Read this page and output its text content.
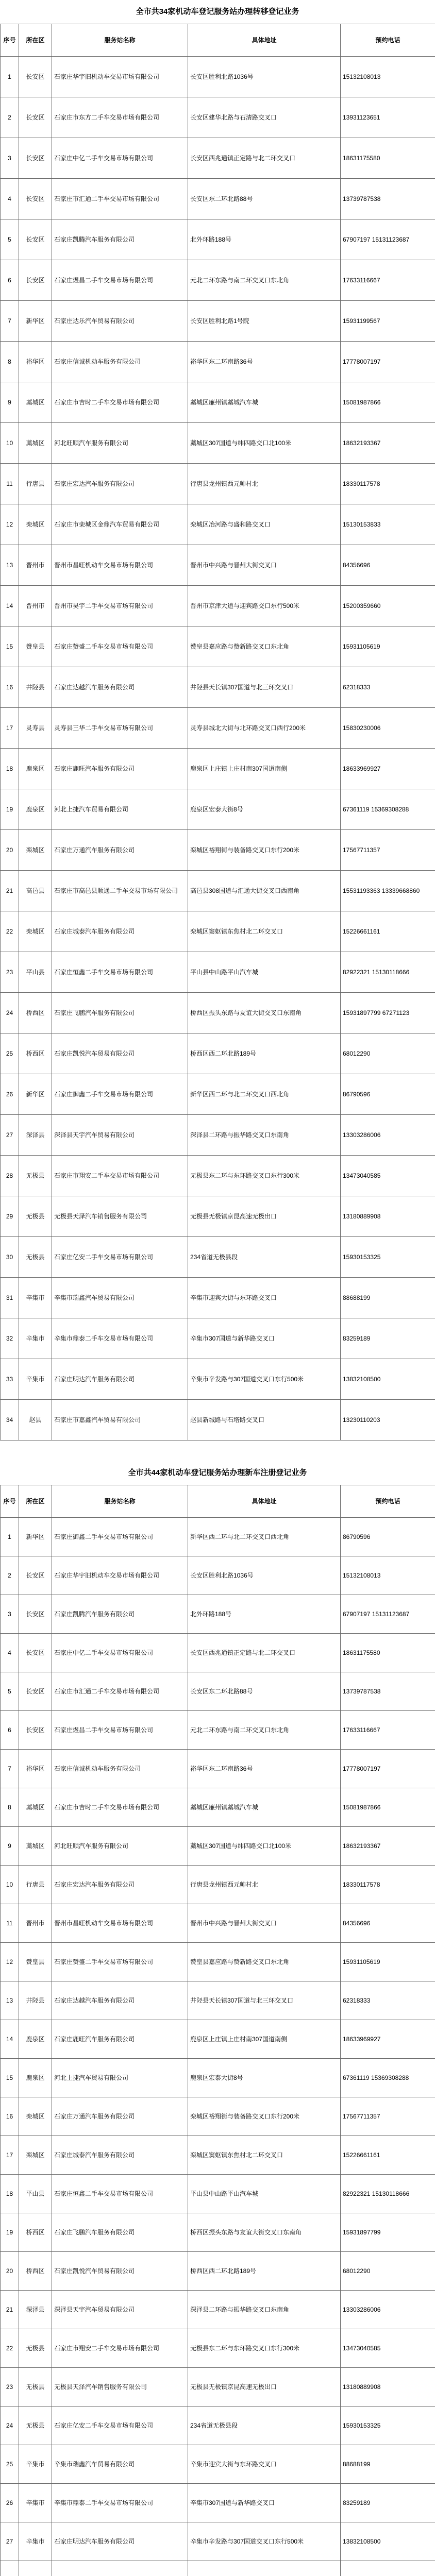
全市共34家机动车登记服务站办理转移登记业务
序号	所在区	服务站名称	具体地址	预约电话
1	长安区	石家庄华宇旧机动车交易市场有限公司	长安区胜利北路1036号	15132108013
2	长安区	石家庄市东方二手车交易市场有限公司	长安区建华北路与石清路交叉口	13931123651
3	长安区	石家庄中亿二手车交易市场有限公司	长安区西兆通镇正定路与北二环交叉口	18631175580
4	长安区	石家庄市汇通二手车交易市场有限公司	长安区东二环北路88号	13739787538
5	长安区	石家庄凯腾汽车服务有限公司	北外环路188号	67907197 15131123687
6	长安区	石家庄煜昌二手车交易市场有限公司	元北二环东路与南二环交叉口东北角	17633116667
7	新华区	石家庄达乐汽车贸易有限公司	长安区胜利北路1号院	15931199567
8	裕华区	石家庄信诚机动车服务有限公司	裕华区东二环南路36号	17778007197
9	藁城区	石家庄市吉时二手车交易市场有限公司	藁城区廉州镇藁城汽车城	15081987866
10	藁城区	河北旺顺汽车服务有限公司	藁城区307国道与纬四路交口北100米	18632193367
11	行唐县	石家庄宏达汽车服务有限公司	行唐县龙州镇西元帅村北	18330117578
12	栾城区	石家庄市栾城区金鼎汽车贸易有限公司	栾城区冶河路与盛和路交叉口	15130153833
13	晋州市	晋州市昌旺机动车交易市场有限公司	晋州市中兴路与晋州大街交叉口	84356696
14	晋州市	晋州市昊宇二手车交易市场有限公司	晋州市京津大道与迎宾路交口东行500米	15200359660
15	赞皇县	石家庄赞盛二手车交易市场有限公司	赞皇县嘉应路与赞新路交叉口东北角	15931105619
16	井陉县	石家庄达越汽车服务有限公司	井陉县天长镇307国道与北三环交叉口	62318333
17	灵寿县	灵寿县三华二手车交易市场有限公司	灵寿县城北大街与北环路交叉口西行200米	15830230006
18	鹿泉区	石家庄鹿旺汽车服务有限公司	鹿泉区上庄镇上庄村南307国道南侧	18633969927
19	鹿泉区	河北上捷汽车贸易有限公司	鹿泉区宏泰大街8号	67361119 15369308288
20	栾城区	石家庄万通汽车服务有限公司	栾城区裕翔街与装备路交叉口东行200米	17567711357
21	高邑县	石家庄市高邑县顺通二手车交易市场有限公司	高邑县308国道与汇通大街交叉口西南角	15531193363 13339668860
22	栾城区	石家庄城泰汽车服务有限公司	栾城区窦妪镇东焦村北二环交叉口	15226661161
23	平山县	石家庄恒鑫二手车交易市场有限公司	平山县中山路平山汽车城	82922321 15130118666
24	桥西区	石家庄飞鹏汽车服务有限公司	桥西区振头东路与友谊大街交叉口东南角	15931897799 67271123
25	桥西区	石家庄凯悦汽车贸易有限公司	桥西区西二环北路189号	68012290
26	新华区	石家庄御鑫二手车交易市场有限公司	新华区西二环与北二环交叉口西北角	86790596
27	深泽县	深泽县天宇汽车贸易有限公司	深泽县二环路与振华路交叉口东南角	13303286006
28	无极县	石家庄市翔安二手车交易市场有限公司	无极县东二环与东环路交叉口东行300米	13473040585
29	无极县	无极县天泽汽车销售服务有限公司	无极县无极镇京昆高速无极出口	13180889908
30	无极县	石家庄亿安二手车交易市场有限公司	234省道无极县段	15930153325
31	辛集市	辛集市瑞鑫汽车贸易有限公司	辛集市迎宾大街与东环路交叉口	88688199
32	辛集市	辛集市鼎泰二手车交易市场有限公司	辛集市307国道与新华路交叉口	83259189
33	辛集市	石家庄明达汽车服务有限公司	辛集市辛发路与307国道交叉口东行500米	13832108500
34	赵县	石家庄市嘉鑫汽车贸易有限公司	赵县新城路与石塔路交叉口	13230110203
全市共44家机动车登记服务站办理新车注册登记业务
序号	所在区	服务站名称	具体地址	预约电话
1	新华区	石家庄御鑫二手车交易市场有限公司	新华区西二环与北二环交叉口西北角	86790596
2	长安区	石家庄华宇旧机动车交易市场有限公司	长安区胜利北路1036号	15132108013
3	长安区	石家庄凯腾汽车服务有限公司	北外环路188号	67907197 15131123687
4	长安区	石家庄中亿二手车交易市场有限公司	长安区西兆通镇正定路与北二环交叉口	18631175580
5	长安区	石家庄市汇通二手车交易市场有限公司	长安区东二环北路88号	13739787538
6	长安区	石家庄煜昌二手车交易市场有限公司	元北二环东路与南二环交叉口东北角	17633116667
7	裕华区	石家庄信诚机动车服务有限公司	裕华区东二环南路36号	17778007197
8	藁城区	石家庄市吉时二手车交易市场有限公司	藁城区廉州镇藁城汽车城	15081987866
9	藁城区	河北旺顺汽车服务有限公司	藁城区307国道与纬四路交口北100米	18632193367
10	行唐县	石家庄宏达汽车服务有限公司	行唐县龙州镇西元帅村北	18330117578
11	晋州市	晋州市昌旺机动车交易市场有限公司	晋州市中兴路与晋州大街交叉口	84356696
12	赞皇县	石家庄赞盛二手车交易市场有限公司	赞皇县嘉应路与赞新路交叉口东北角	15931105619
13	井陉县	石家庄达越汽车服务有限公司	井陉县天长镇307国道与北三环交叉口	62318333
14	鹿泉区	石家庄鹿旺汽车服务有限公司	鹿泉区上庄镇上庄村南307国道南侧	18633969927
15	鹿泉区	河北上捷汽车贸易有限公司	鹿泉区宏泰大街8号	67361119 15369308288
16	栾城区	石家庄万通汽车服务有限公司	栾城区裕翔街与装备路交叉口东行200米	17567711357
17	栾城区	石家庄城泰汽车服务有限公司	栾城区窦妪镇东焦村北二环交叉口	15226661161
18	平山县	石家庄恒鑫二手车交易市场有限公司	平山县中山路平山汽车城	82922321 15130118666
19	桥西区	石家庄飞鹏汽车服务有限公司	桥西区振头东路与友谊大街交叉口东南角	15931897799
20	桥西区	石家庄凯悦汽车贸易有限公司	桥西区西二环北路189号	68012290
21	深泽县	深泽县天宇汽车贸易有限公司	深泽县二环路与振华路交叉口东南角	13303286006
22	无极县	石家庄市翔安二手车交易市场有限公司	无极县东二环与东环路交叉口东行300米	13473040585
23	无极县	无极县天泽汽车销售服务有限公司	无极县无极镇京昆高速无极出口	13180889908
24	无极县	石家庄亿安二手车交易市场有限公司	234省道无极县段	15930153325
25	辛集市	辛集市瑞鑫汽车贸易有限公司	辛集市迎宾大街与东环路交叉口	88688199
26	辛集市	辛集市鼎泰二手车交易市场有限公司	辛集市307国道与新华路交叉口	83259189
27	辛集市	石家庄明达汽车服务有限公司	辛集市辛发路与307国道交叉口东行500米	13832108500
